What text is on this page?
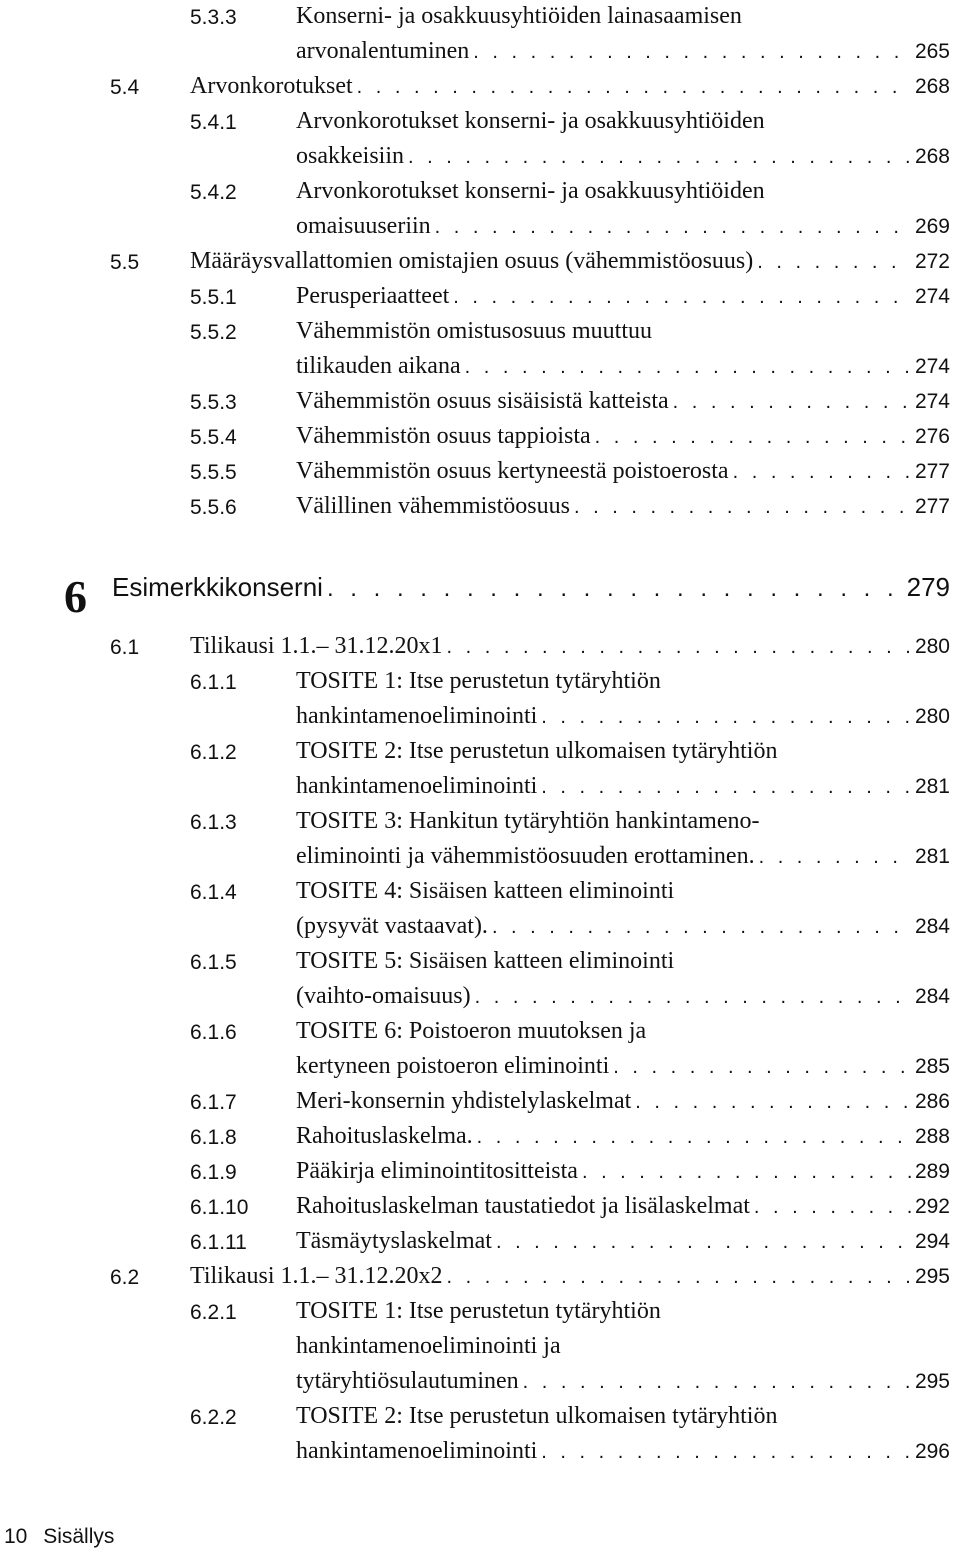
5.3.3 Konserni- ja osakkuusyhtiöiden lainasaamisen
arvonalentuminen . . .	265
5.4 Arvonkorotukset . . .	268
5.4.1 Arvonkorotukset konserni- ja osakkuusyhtiöiden
osakkeisiin . . .	268
5.4.2 Arvonkorotukset konserni- ja osakkuusyhtiöiden
omaisuuseriin . . .	269
5.5 Määräysvallattomien omistajien osuus (vähemmistöosuus) . . .	272
5.5.1 Perusperiaatteet . . .	274
5.5.2 Vähemmistön omistusosuus muuttuu
tilikauden aikana . . .	274
5.5.3 Vähemmistön osuus sisäisistä katteista . . .	274
5.5.4 Vähemmistön osuus tappioista . . .	276
5.5.5 Vähemmistön osuus kertyneestä poistoerosta . . .	277
5.5.6 Välillinen vähemmistöosuus . . .	277
6 Esimerkkikonserni . . .	279
6.1 Tilikausi 1.1.– 31.12.20x1 . . .	280
6.1.1 TOSITE 1: Itse perustetun tytäryhtiön
hankintamenoeliminointi . . .	280
6.1.2 TOSITE 2: Itse perustetun ulkomaisen tytäryhtiön
hankintamenoeliminointi . . .	281
6.1.3 TOSITE 3: Hankitun tytäryhtiön hankintameno-
eliminointi ja vähemmistöosuuden erottaminen. . . .	281
6.1.4 TOSITE 4: Sisäisen katteen eliminointi
(pysyvät vastaavat). . . .	284
6.1.5 TOSITE 5: Sisäisen katteen eliminointi
(vaihto-omaisuus) . . .	284
6.1.6 TOSITE 6: Poistoeron muutoksen ja
kertyneen poistoeron eliminointi . . .	285
6.1.7 Meri-konsernin yhdistelylaskelmat . . .	286
6.1.8 Rahoituslaskelma. . . .	288
6.1.9 Pääkirja eliminointitositteista . . .	289
6.1.10 Rahoituslaskelman taustatiedot ja lisälaskelmat . . .	292
6.1.11 Täsmäytyslaskelmat . . .	294
6.2 Tilikausi 1.1.– 31.12.20x2 . . .	295
6.2.1 TOSITE 1: Itse perustetun tytäryhtiön
hankintamenoeliminointi ja
tytäryhtiösulautuminen . . .	295
6.2.2 TOSITE 2: Itse perustetun ulkomaisen tytäryhtiön
hankintamenoeliminointi . . .	296
10 Sisällys
